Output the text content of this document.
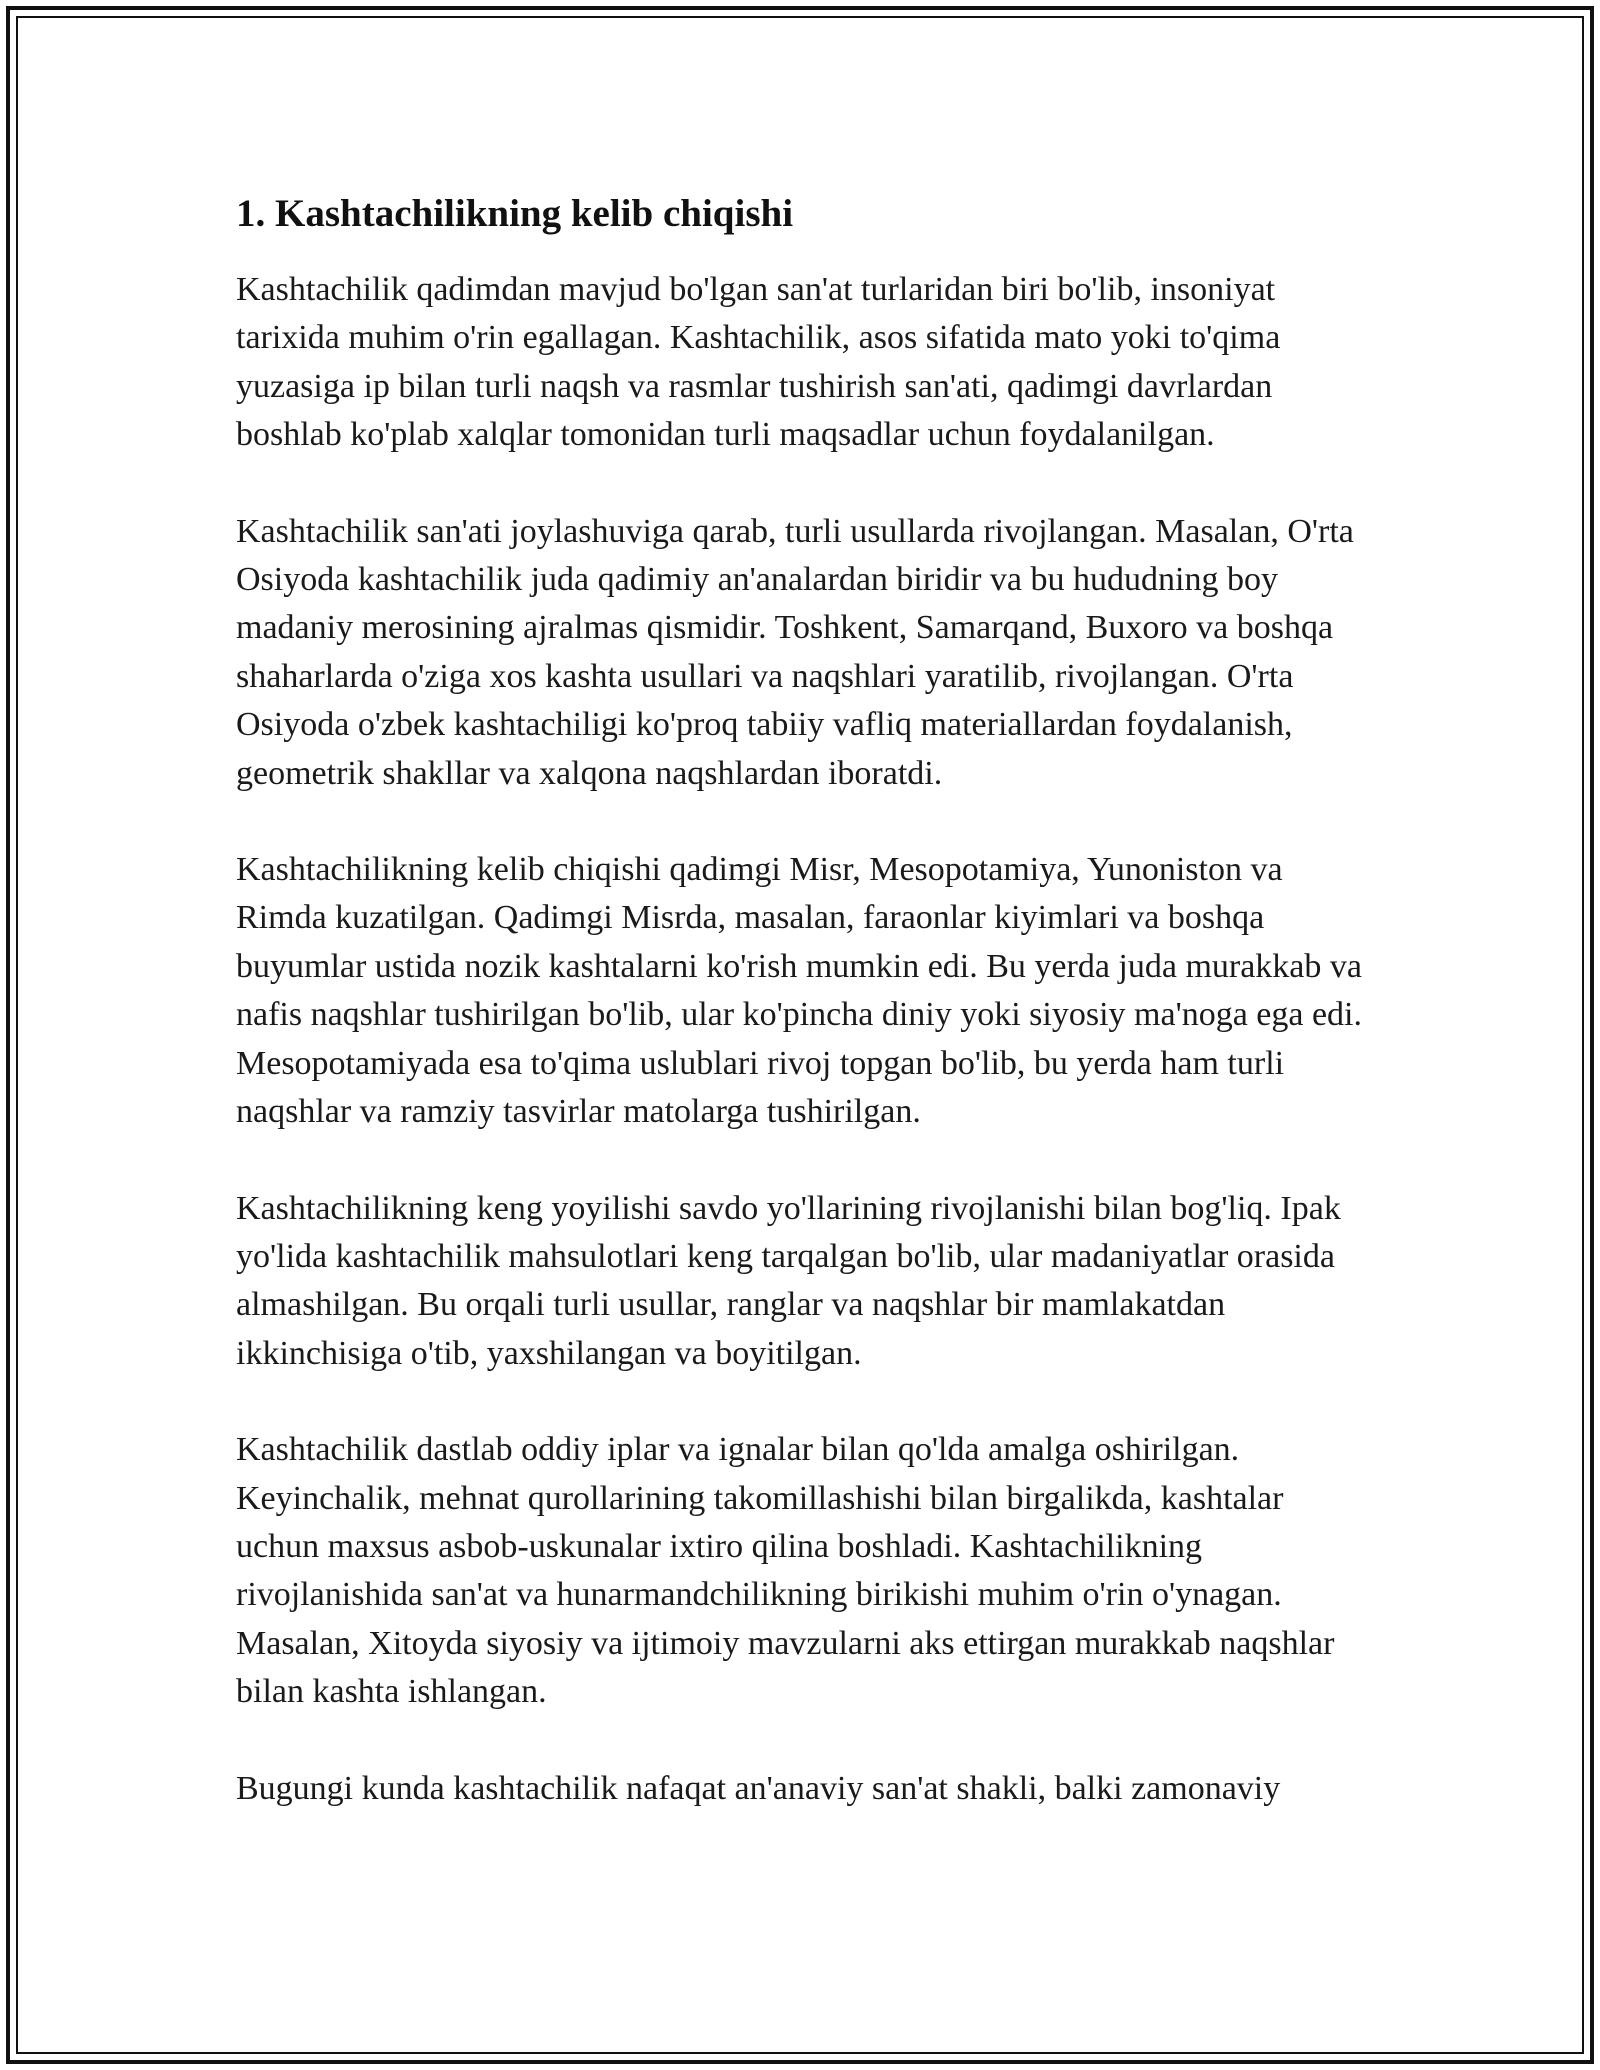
1. Kashtachilikning kelib chiqishi

Kashtachilik qadimdan mavjud bo'lgan san'at turlaridan biri bo'lib, insoniyat tarixida muhim o'rin egallagan. Kashtachilik, asos sifatida mato yoki to'qima yuzasiga ip bilan turli naqsh va rasmlar tushirish san'ati, qadimgi davrlardan boshlab ko'plab xalqlar tomonidan turli maqsadlar uchun foydalanilgan.

Kashtachilik san'ati joylashuviga qarab, turli usullarda rivojlangan. Masalan, O'rta Osiyoda kashtachilik juda qadimiy an'analardan biridir va bu hududning boy madaniy merosining ajralmas qismidir. Toshkent, Samarqand, Buxoro va boshqa shaharlarda o'ziga xos kashta usullari va naqshlari yaratilib, rivojlangan. O'rta Osiyoda o'zbek kashtachiligi ko'proq tabiiy vafliq materiallardan foydalanish, geometrik shakllar va xalqona naqshlardan iboratdi.

Kashtachilikning kelib chiqishi qadimgi Misr, Mesopotamiya, Yunoniston va Rimda kuzatilgan. Qadimgi Misrda, masalan, faraonlar kiyimlari va boshqa buyumlar ustida nozik kashtalarni ko'rish mumkin edi. Bu yerda juda murakkab va nafis naqshlar tushirilgan bo'lib, ular ko'pincha diniy yoki siyosiy ma'noga ega edi. Mesopotamiyada esa to'qima uslublari rivoj topgan bo'lib, bu yerda ham turli naqshlar va ramziy tasvirlar matolarga tushirilgan.

Kashtachilikning keng yoyilishi savdo yo'llarining rivojlanishi bilan bog'liq. Ipak yo'lida kashtachilik mahsulotlari keng tarqalgan bo'lib, ular madaniyatlar orasida almashilgan. Bu orqali turli usullar, ranglar va naqshlar bir mamlakatdan ikkinchisiga o'tib, yaxshilangan va boyitilgan.

Kashtachilik dastlab oddiy iplar va ignalar bilan qo'lda amalga oshirilgan. Keyinchalik, mehnat qurollarining takomillashishi bilan birgalikda, kashtalar uchun maxsus asbob-uskunalar ixtiro qilina boshladi. Kashtachilikning rivojlanishida san'at va hunarmandchilikning birikishi muhim o'rin o'ynagan. Masalan, Xitoyda siyosiy va ijtimoiy mavzularni aks ettirgan murakkab naqshlar bilan kashta ishlangan.

Bugungi kunda kashtachilik nafaqat an'anaviy san'at shakli, balki zamonaviy
